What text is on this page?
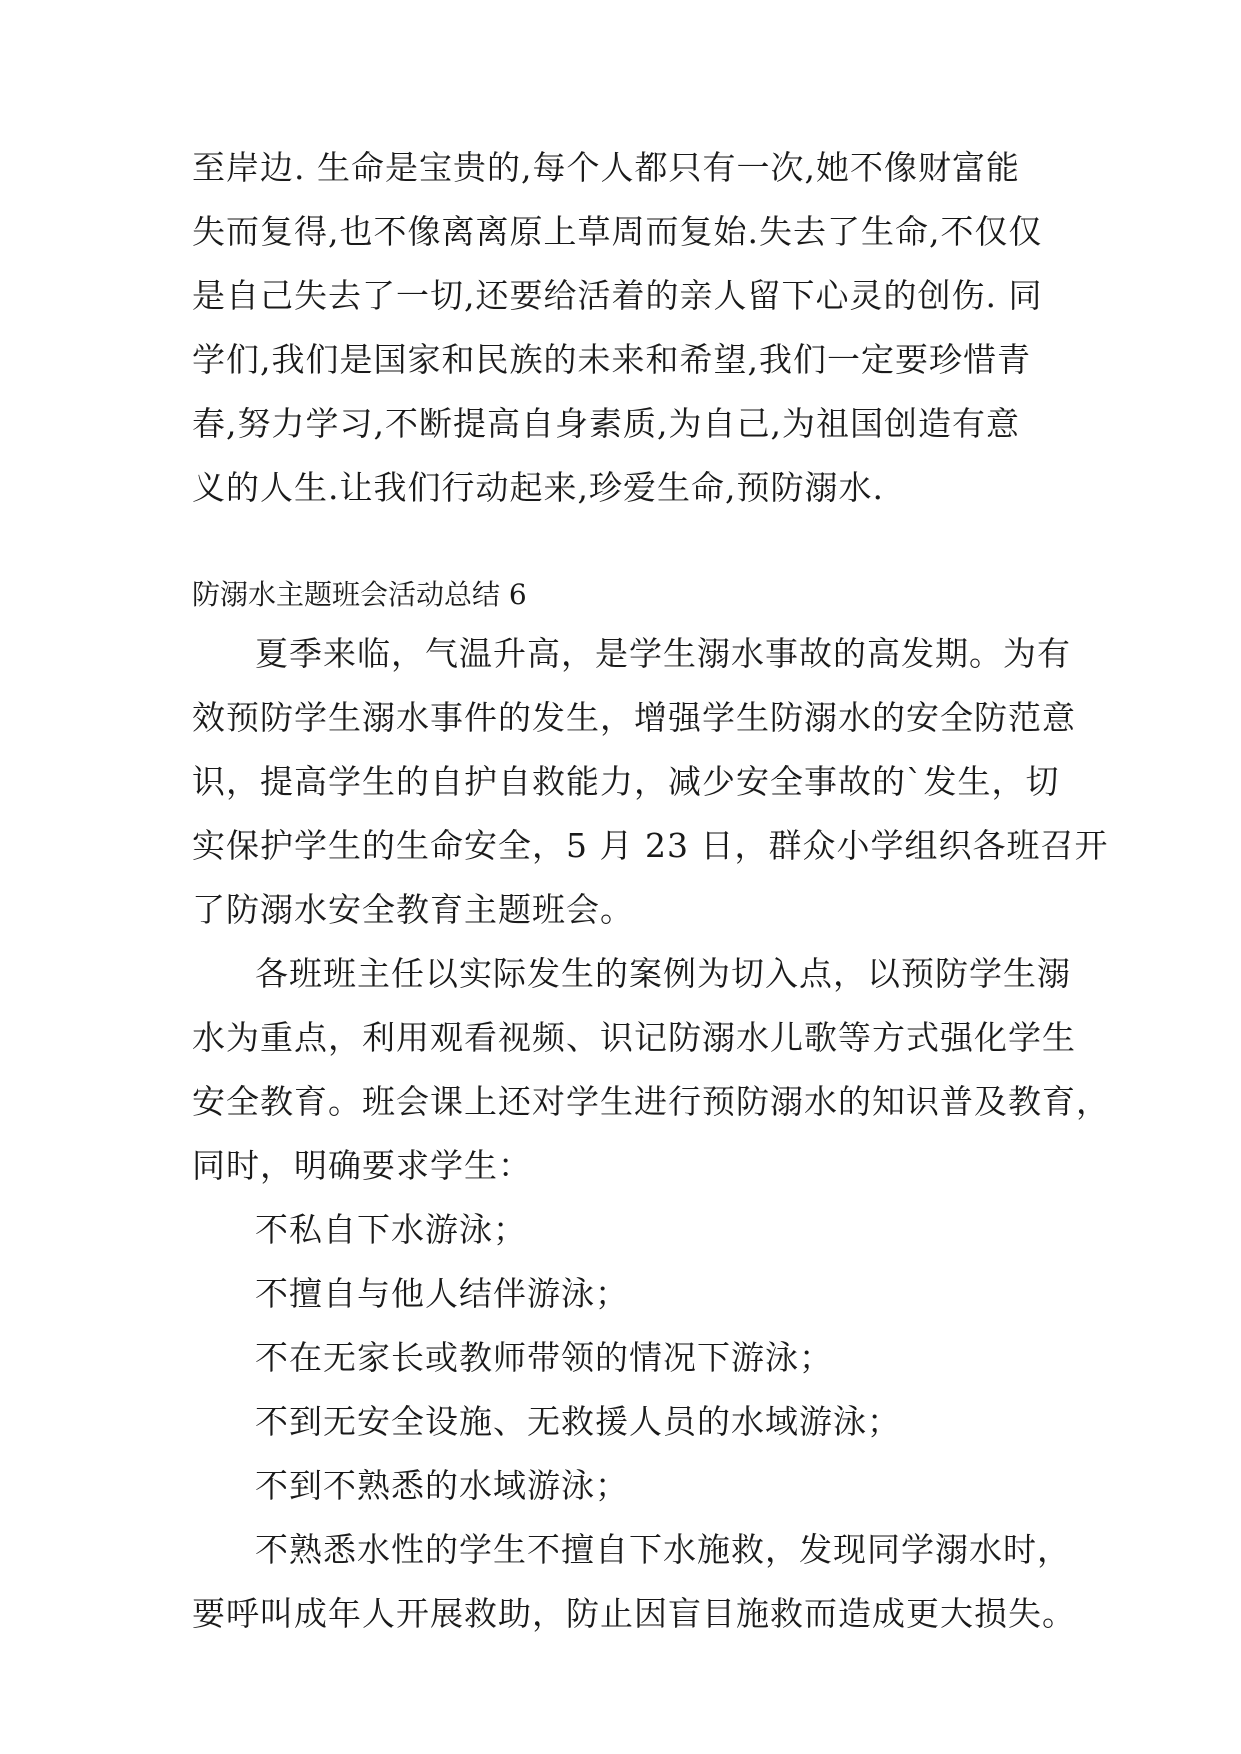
至岸边. 生命是宝贵的,每个人都只有一次,她不像财富能
失而复得,也不像离离原上草周而复始.失去了生命,不仅仅
是自己失去了一切,还要给活着的亲人留下心灵的创伤. 同
学们,我们是国家和民族的未来和希望,我们一定要珍惜青
春,努力学习,不断提高自身素质,为自己,为祖国创造有意
义的人生.让我们行动起来,珍爱生命,预防溺水.
防溺水主题班会活动总结 6
夏季来临，气温升高，是学生溺水事故的高发期。为有
效预防学生溺水事件的发生，增强学生防溺水的安全防范意
识，提高学生的自护自救能力，减少安全事故的`发生，切
实保护学生的生命安全，5 月 23 日，群众小学组织各班召开
了防溺水安全教育主题班会。
各班班主任以实际发生的案例为切入点，以预防学生溺
水为重点，利用观看视频、识记防溺水儿歌等方式强化学生
安全教育。班会课上还对学生进行预防溺水的知识普及教育，
同时，明确要求学生：
不私自下水游泳；
不擅自与他人结伴游泳；
不在无家长或教师带领的情况下游泳；
不到无安全设施、无救援人员的水域游泳；
不到不熟悉的水域游泳；
不熟悉水性的学生不擅自下水施救，发现同学溺水时，
要呼叫成年人开展救助，防止因盲目施救而造成更大损失。
